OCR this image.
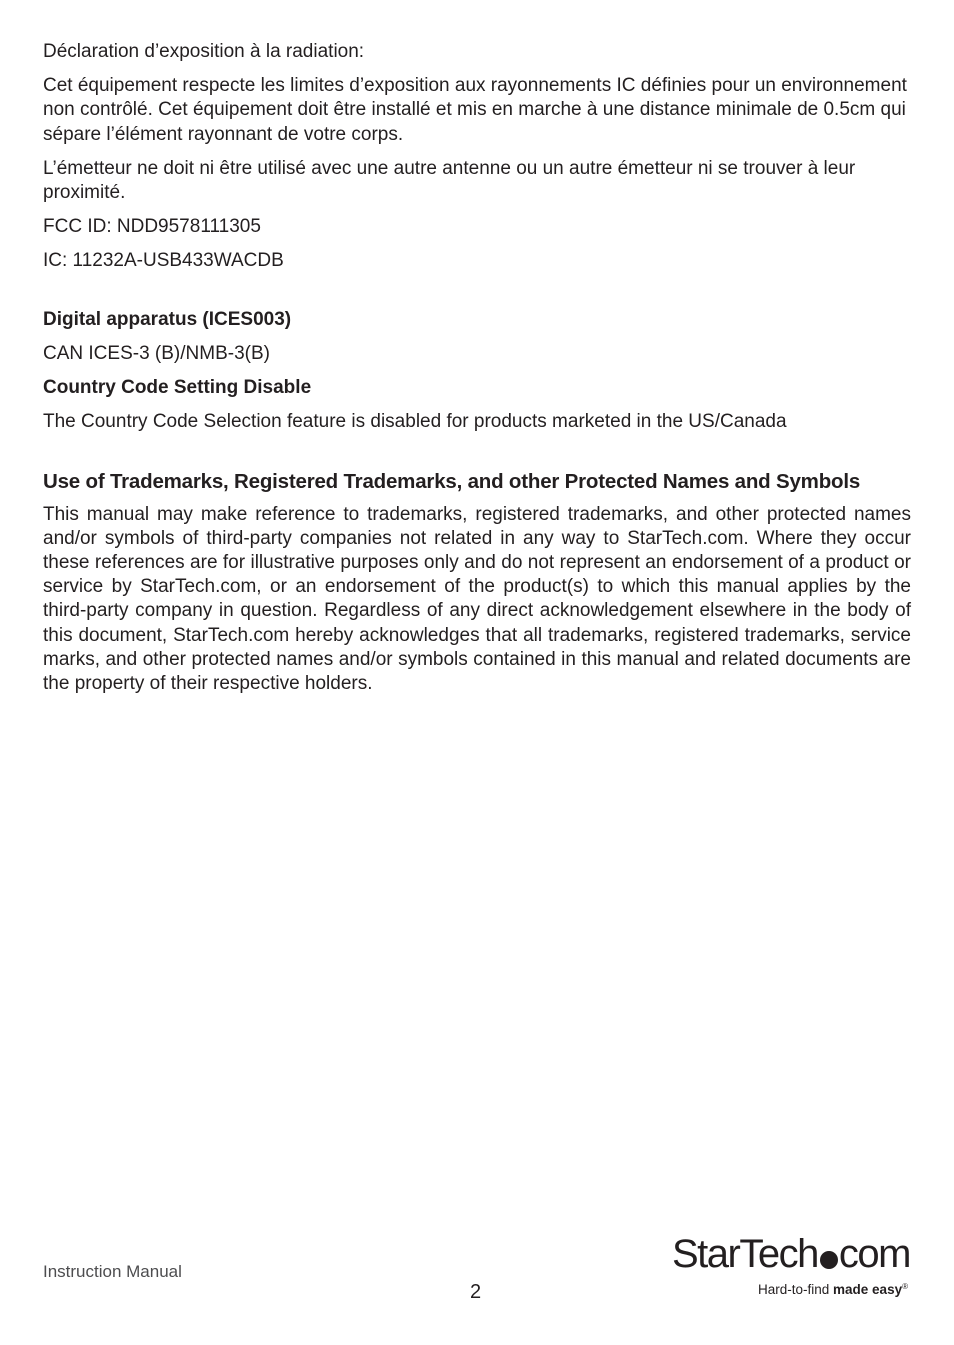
Déclaration d’exposition à la radiation:

Cet équipement respecte les limites d’exposition aux rayonnements IC définies pour un environnement non contrôlé. Cet équipement doit être installé et mis en marche à une distance minimale de 0.5cm qui sépare l’élément rayonnant de votre corps.

L’émetteur ne doit ni être utilisé avec une autre antenne ou un autre émetteur ni se trouver à leur proximité.

FCC ID: NDD9578111305

IC: 11232A-USB433WACDB

Digital apparatus (ICES003)

CAN ICES-3 (B)/NMB-3(B)

Country Code Setting Disable

The Country Code Selection feature is disabled for products marketed in the US/Canada

Use of Trademarks, Registered Trademarks, and other Protected Names and Symbols

This manual may make reference to trademarks, registered trademarks, and other protected names and/or symbols of third-party companies not related in any way to StarTech.com. Where they occur these references are for illustrative purposes only and do not represent an endorsement of a product or service by StarTech.com, or an endorsement of the product(s) to which this manual applies by the third-party company in question. Regardless of any direct acknowledgement elsewhere in the body of this document, StarTech.com hereby acknowledges that all trademarks, registered trademarks, service marks, and other protected names and/or symbols contained in this manual and related documents are the property of their respective holders.

Instruction Manual
2
StarTech com
Hard-to-find made easy®
